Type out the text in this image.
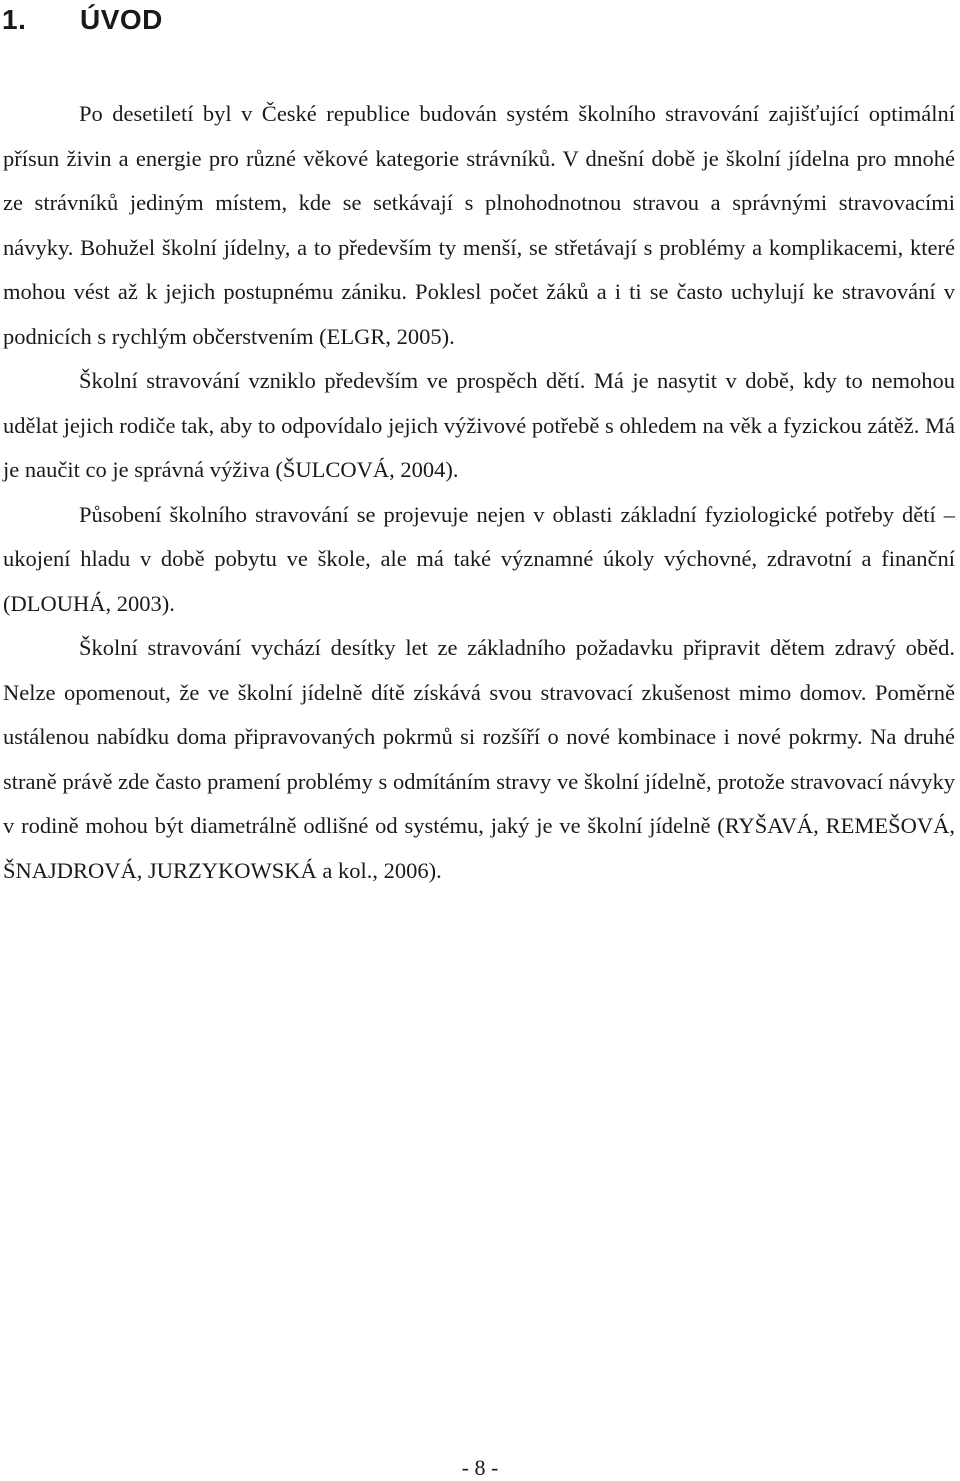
1. ÚVOD

Po desetiletí byl v České republice budován systém školního stravování zajišťující optimální přísun živin a energie pro různé věkové kategorie strávníků. V dnešní době je školní jídelna pro mnohé ze strávníků jediným místem, kde se setkávají s plnohodnotnou stravou a správnými stravovacími návyky. Bohužel školní jídelny, a to především ty menší, se střetávají s problémy a komplikacemi, které mohou vést až k jejich postupnému zániku. Poklesl počet žáků a i ti se často uchylují ke stravování v podnicích s rychlým občerstvením (ELGR, 2005).

Školní stravování vzniklo především ve prospěch dětí. Má je nasytit v době, kdy to nemohou udělat jejich rodiče tak, aby to odpovídalo jejich výživové potřebě s ohledem na věk a fyzickou zátěž. Má je naučit co je správná výživa (ŠULCOVÁ, 2004).

Působení školního stravování se projevuje nejen v oblasti základní fyziologické potřeby dětí – ukojení hladu v době pobytu ve škole, ale má také významné úkoly výchovné, zdravotní a finanční (DLOUHÁ, 2003).

Školní stravování vychází desítky let ze základního požadavku připravit dětem zdravý oběd. Nelze opomenout, že ve školní jídelně dítě získává svou stravovací zkušenost mimo domov. Poměrně ustálenou nabídku doma připravovaných pokrmů si rozšíří o nové kombinace i nové pokrmy. Na druhé straně právě zde často pramení problémy s odmítáním stravy ve školní jídelně, protože stravovací návyky v rodině mohou být diametrálně odlišné od systému, jaký je ve školní jídelně (RYŠAVÁ, REMEŠOVÁ, ŠNAJDROVÁ, JURZYKOWSKÁ a kol., 2006).

- 8 -
